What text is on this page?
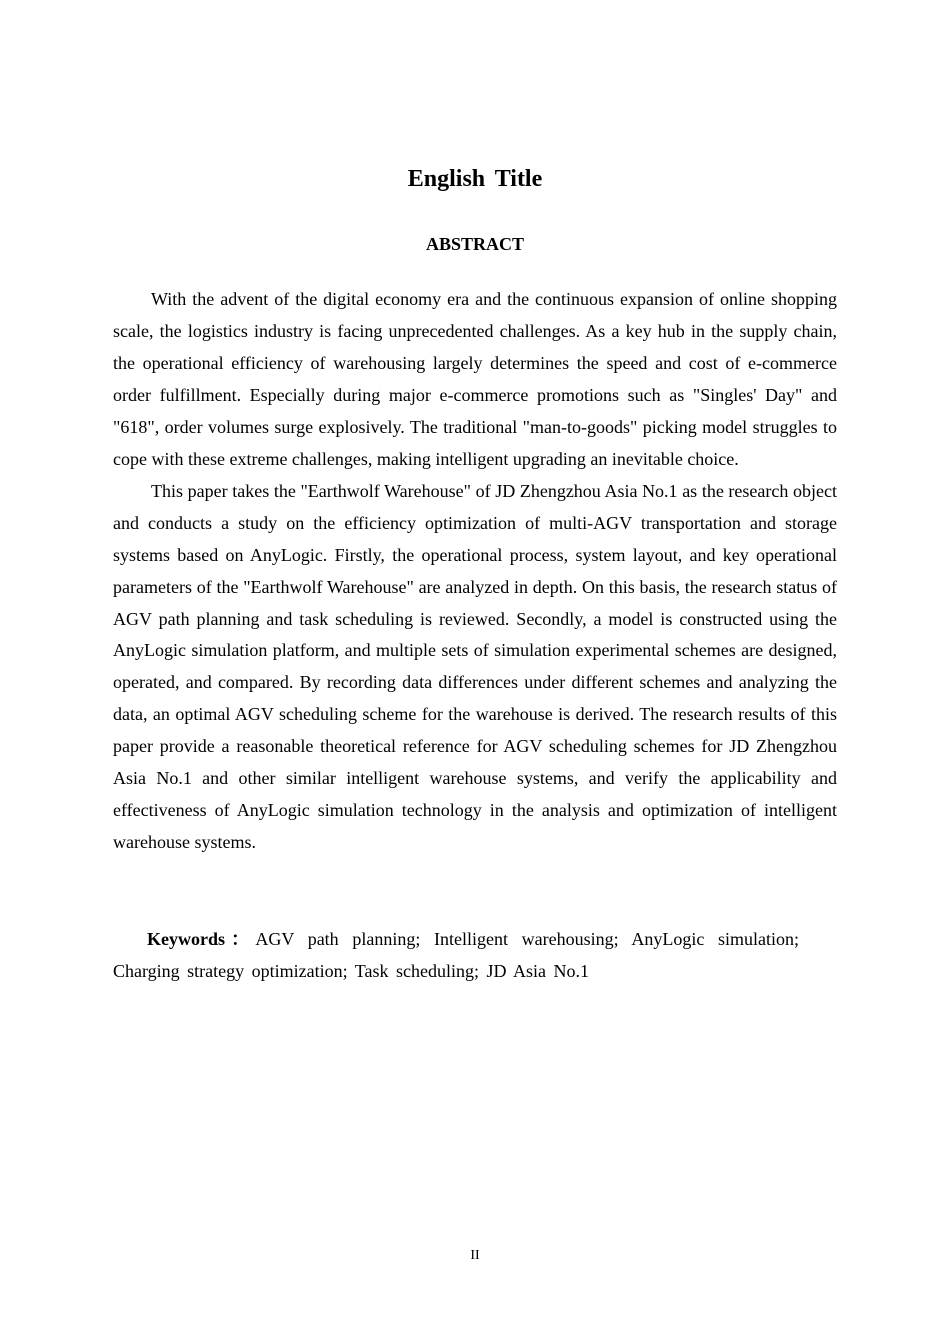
English Title
ABSTRACT

With the advent of the digital economy era and the continuous expansion of online shopping scale, the logistics industry is facing unprecedented challenges. As a key hub in the supply chain, the operational efficiency of warehousing largely determines the speed and cost of e-commerce order fulfillment. Especially during major e-commerce promotions such as "Singles' Day" and "618", order volumes surge explosively. The traditional "man-to-goods" picking model struggles to cope with these extreme challenges, making intelligent upgrading an inevitable choice.

This paper takes the "Earthwolf Warehouse" of JD Zhengzhou Asia No.1 as the research object and conducts a study on the efficiency optimization of multi-AGV transportation and storage systems based on AnyLogic. Firstly, the operational process, system layout, and key operational parameters of the "Earthwolf Warehouse" are analyzed in depth. On this basis, the research status of AGV path planning and task scheduling is reviewed. Secondly, a model is constructed using the AnyLogic simulation platform, and multiple sets of simulation experimental schemes are designed, operated, and compared. By recording data differences under different schemes and analyzing the data, an optimal AGV scheduling scheme for the warehouse is derived. The research results of this paper provide a reasonable theoretical reference for AGV scheduling schemes for JD Zhengzhou Asia No.1 and other similar intelligent warehouse systems, and verify the applicability and effectiveness of AnyLogic simulation technology in the analysis and optimization of intelligent warehouse systems.

Keywords：AGV path planning; Intelligent warehousing; AnyLogic simulation; Charging strategy optimization; Task scheduling; JD Asia No.1
II
